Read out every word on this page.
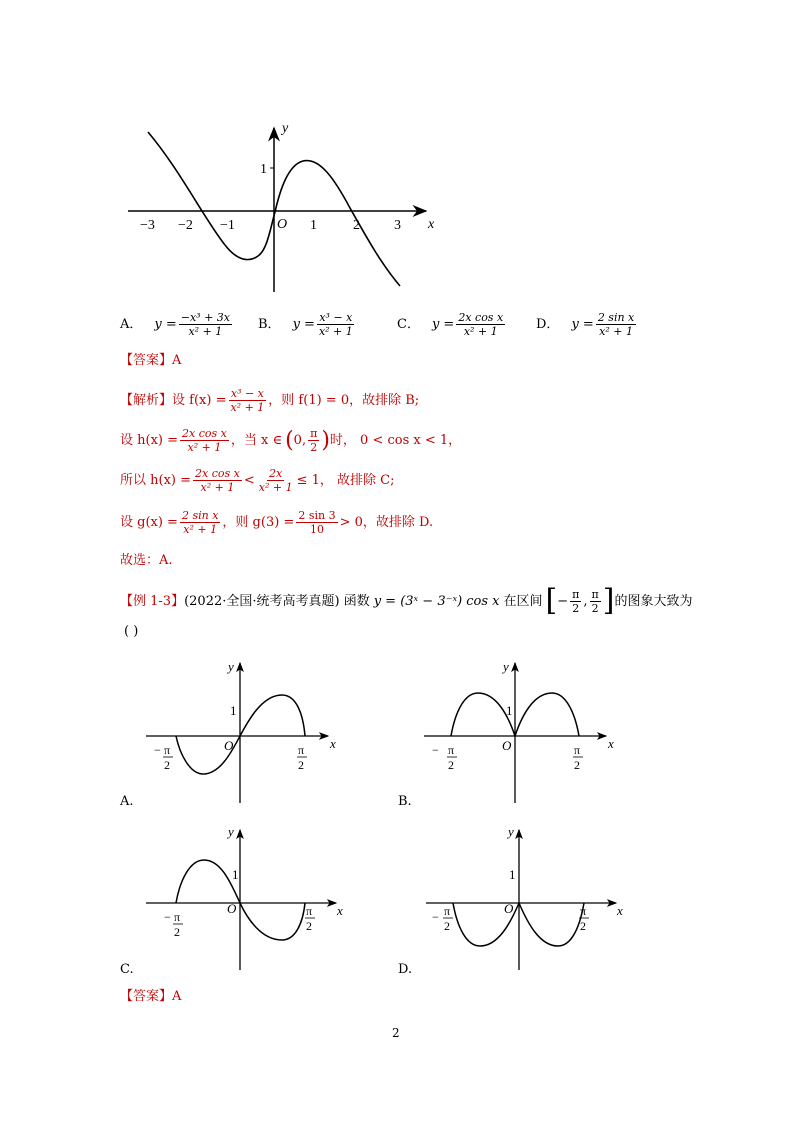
y
x
1
O
−3 −2 −1	1	2 3
A． $y = \frac{\text{−x³ + 3x}}{\text{x² + 1}}$ B． $y = \frac{\text{x³ − x}}{\text{x² + 1}}$	C． $y = \frac{\text{2x cos x}}{\text{x² + 1}}$ D． $y = \frac{\text{2 sin x}}{\text{x² + 1}}$
【答案】A
【解析】 设 $f(x) = \frac{\text{x³ − x}}{\text{x² + 1}}$ ，则 f(1) = 0，故排除 B;
设 $h(x) = \frac{\text{2x cos x}}{\text{x² + 1}}$ ，当 x ∈ ( 0, $\frac{\pi}{2}$ ) 时， 0 < cos x < 1，
所以 $h(x) = \frac{\text{2x cos x}}{\text{x² + 1}} < \frac{2x}{\text{x² + 1}} \le 1$， 故排除 C;
设 $g(x) = \frac{\text{2 sin x}}{\text{x² + 1}}$ ，则 $g(3) = \frac{2 \sin 3}{10} > 0$，故排除 D.
故选：A.
【例 1-3】 (2022·全国·统考高考真题) 函数 y = (3ˣ − 3⁻ˣ) cos x 在区间 [ − $\frac{\pi}{2}$ , $\frac{\pi}{2}$ ] 的图象大致为
( )
y
x
O
1
− π
2
π
2
A.
y
x
O
1
− π
2
π
2
B.
y
x
O
1
− π
2
π
2
C.
y
x
O
1
− π
2
π
2
D.
【答案】A
2
